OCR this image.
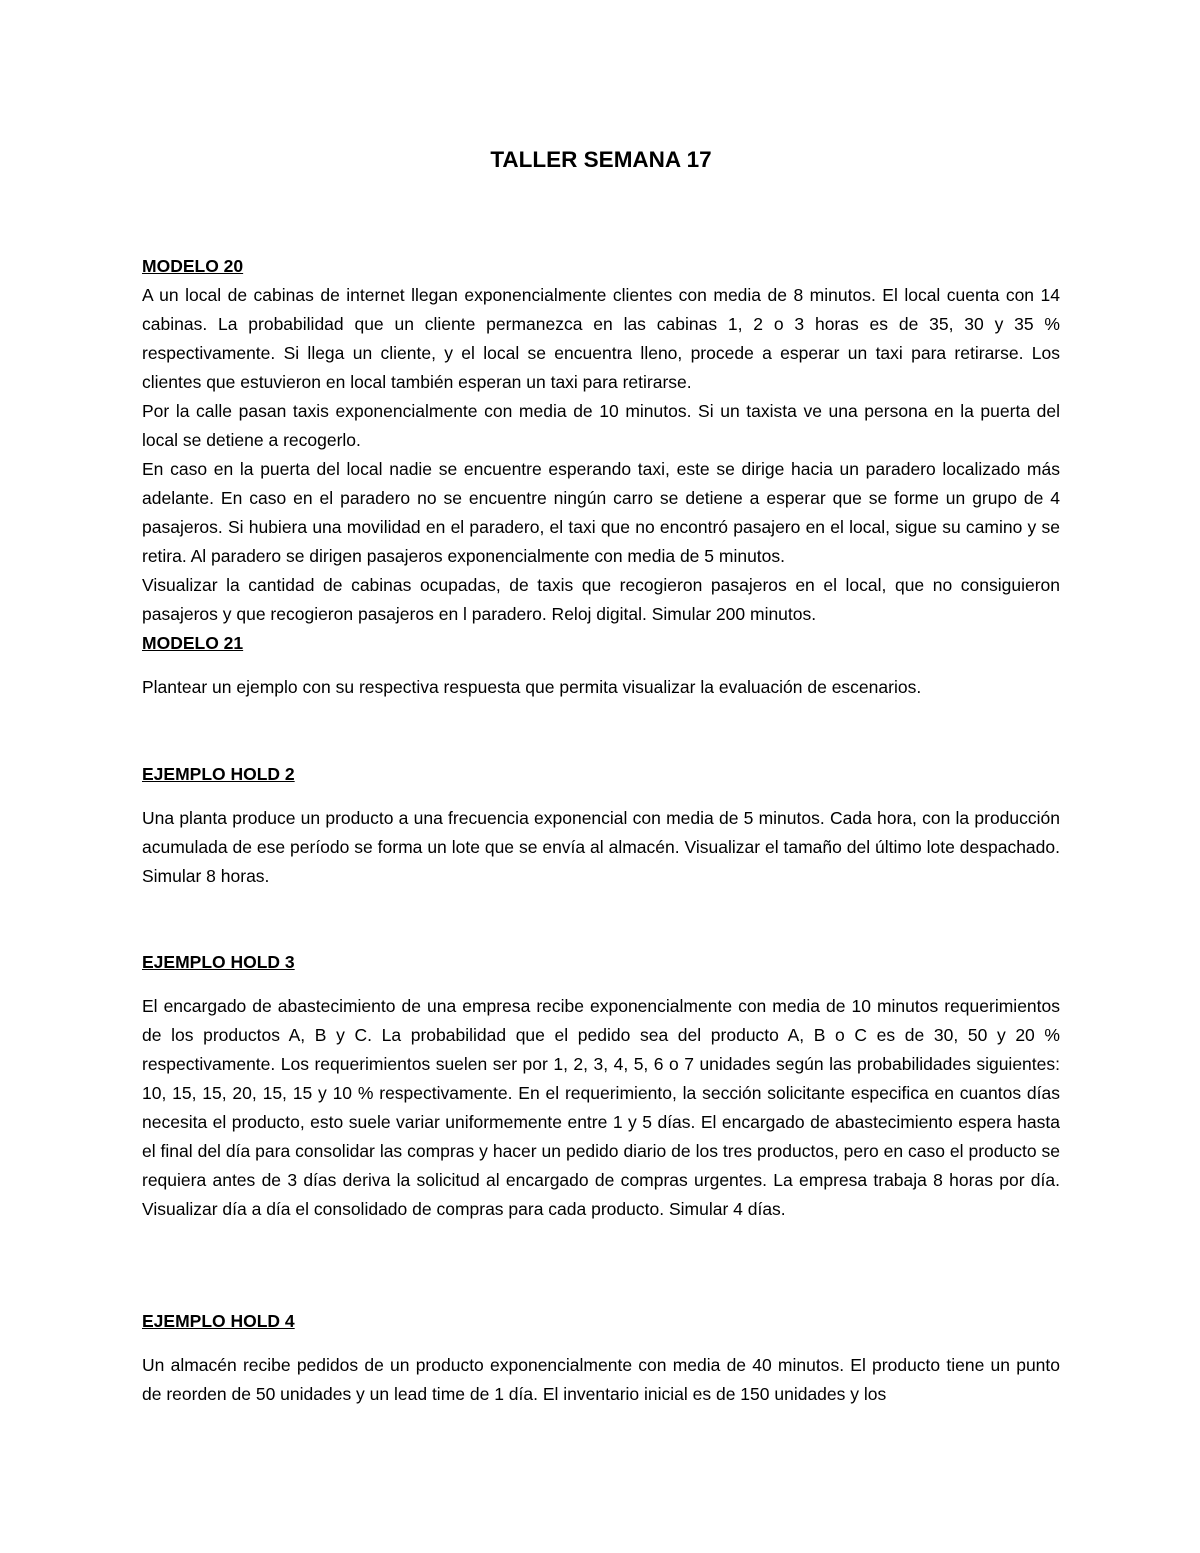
TALLER SEMANA 17

MODELO 20

A un local de cabinas de internet llegan exponencialmente clientes con media de 8 minutos. El local cuenta con 14 cabinas. La probabilidad que un cliente permanezca en las cabinas 1, 2 o 3 horas es de 35, 30 y 35 % respectivamente. Si llega un cliente, y el local se encuentra lleno, procede a esperar un taxi para retirarse. Los clientes que estuvieron en local también esperan un taxi para retirarse.

Por la calle pasan taxis exponencialmente con media de 10 minutos. Si un taxista ve una persona en la puerta del local se detiene a recogerlo.

En caso en la puerta del local nadie se encuentre esperando taxi, este se dirige hacia un paradero localizado más adelante. En caso en el paradero no se encuentre ningún carro se detiene a esperar que se forme un grupo de 4 pasajeros. Si hubiera una movilidad en el paradero, el taxi que no encontró pasajero en el local, sigue su camino y se retira. Al paradero se dirigen pasajeros exponencialmente con media de 5 minutos.

Visualizar la cantidad de cabinas ocupadas, de taxis que recogieron pasajeros en el local, que no consiguieron pasajeros y que recogieron pasajeros en l paradero. Reloj digital. Simular 200 minutos.

MODELO 21

Plantear un ejemplo con su respectiva respuesta que permita visualizar la evaluación de escenarios.

EJEMPLO HOLD 2

Una planta produce un producto a una frecuencia exponencial con media de 5 minutos. Cada hora, con la producción acumulada de ese período se forma un lote que se envía al almacén. Visualizar el tamaño del último lote despachado. Simular 8 horas.

EJEMPLO HOLD 3

El encargado de abastecimiento de una empresa recibe exponencialmente con media de 10 minutos requerimientos de los productos A, B y C. La probabilidad que el pedido sea del producto A, B o C es de 30, 50 y 20 % respectivamente. Los requerimientos suelen ser por 1, 2, 3, 4, 5, 6 o 7 unidades según las probabilidades siguientes: 10, 15, 15, 20, 15, 15 y 10 % respectivamente. En el requerimiento, la sección solicitante especifica en cuantos días necesita el producto, esto suele variar uniformemente entre 1 y 5 días. El encargado de abastecimiento espera hasta el final del día para consolidar las compras y hacer un pedido diario de los tres productos, pero en caso el producto se requiera antes de 3 días deriva la solicitud al encargado de compras urgentes. La empresa trabaja 8 horas por día. Visualizar día a día el consolidado de compras para cada producto. Simular 4 días.

EJEMPLO HOLD 4

Un almacén recibe pedidos de un producto exponencialmente con media de 40 minutos. El producto tiene un punto de reorden de 50 unidades y un lead time de 1 día. El inventario inicial es de 150 unidades y los
